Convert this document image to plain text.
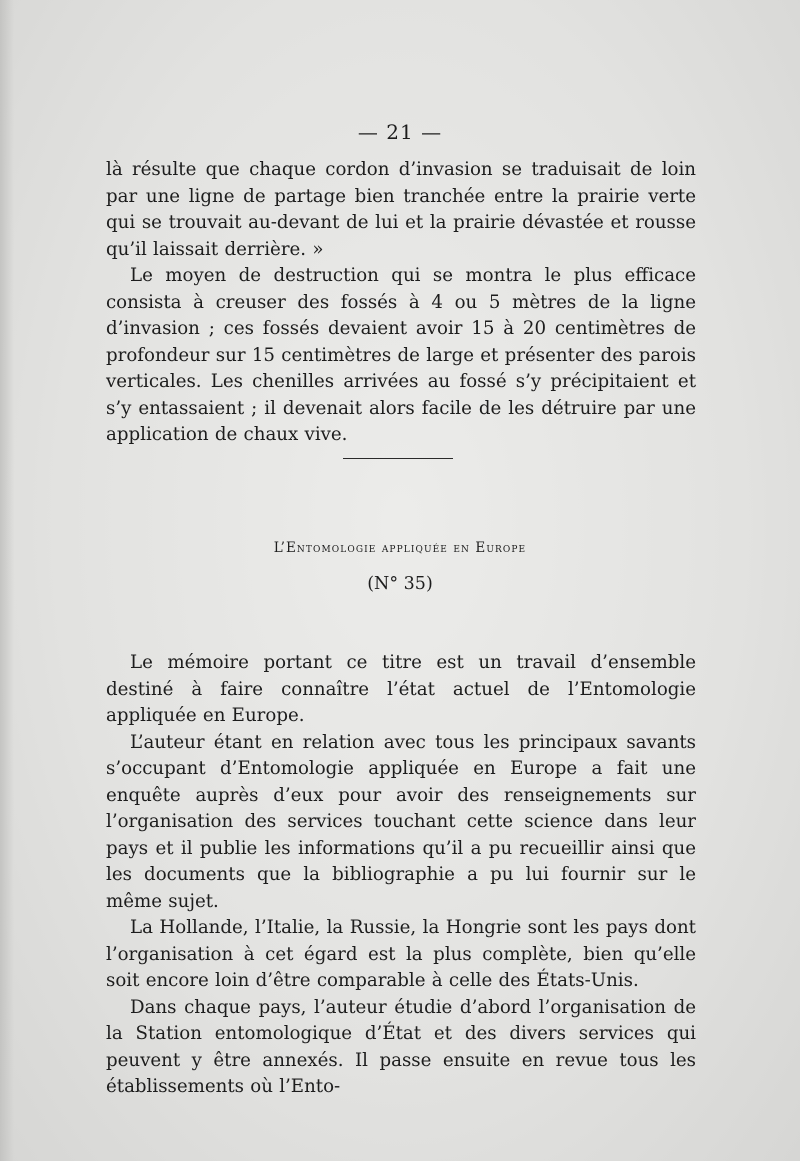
— 21 —

là résulte que chaque cordon d’invasion se traduisait de loin par une ligne de partage bien tranchée entre la prairie verte qui se trouvait au-devant de lui et la prairie dévastée et rousse qu’il laissait derrière. »

Le moyen de destruction qui se montra le plus efficace consista à creuser des fossés à 4 ou 5 mètres de la ligne d’invasion ; ces fossés devaient avoir 15 à 20 centimètres de profondeur sur 15 centimètres de large et présenter des parois verticales. Les chenilles arrivées au fossé s’y précipitaient et s’y entassaient ; il devenait alors facile de les détruire par une application de chaux vive.

L’Entomologie appliquée en Europe
(N° 35)

Le mémoire portant ce titre est un travail d’ensemble destiné à faire connaître l’état actuel de l’Entomologie appliquée en Europe.

L’auteur étant en relation avec tous les principaux savants s’occupant d’Entomologie appliquée en Europe a fait une enquête auprès d’eux pour avoir des renseignements sur l’organisation des services touchant cette science dans leur pays et il publie les informations qu’il a pu recueillir ainsi que les documents que la bibliographie a pu lui fournir sur le même sujet.

La Hollande, l’Italie, la Russie, la Hongrie sont les pays dont l’organisation à cet égard est la plus complète, bien qu’elle soit encore loin d’être comparable à celle des États-Unis.

Dans chaque pays, l’auteur étudie d’abord l’organisation de la Station entomologique d’État et des divers services qui peuvent y être annexés. Il passe ensuite en revue tous les établissements où l’Ento-
